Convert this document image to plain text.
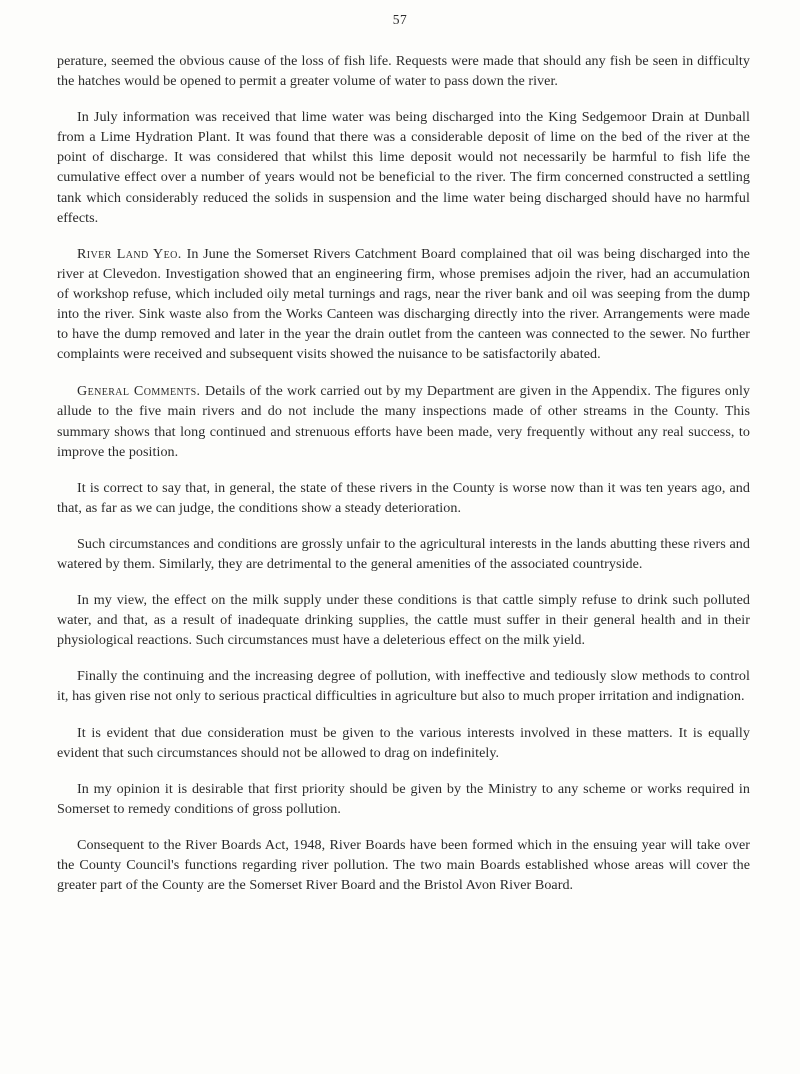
57

perature, seemed the obvious cause of the loss of fish life. Requests were made that should any fish be seen in difficulty the hatches would be opened to permit a greater volume of water to pass down the river.

In July information was received that lime water was being discharged into the King Sedgemoor Drain at Dunball from a Lime Hydration Plant. It was found that there was a considerable deposit of lime on the bed of the river at the point of discharge. It was considered that whilst this lime deposit would not necessarily be harmful to fish life the cumulative effect over a number of years would not be beneficial to the river. The firm concerned constructed a settling tank which considerably reduced the solids in suspension and the lime water being discharged should have no harmful effects.

River Land Yeo. In June the Somerset Rivers Catchment Board complained that oil was being discharged into the river at Clevedon. Investigation showed that an engineering firm, whose premises adjoin the river, had an accumulation of workshop refuse, which included oily metal turnings and rags, near the river bank and oil was seeping from the dump into the river. Sink waste also from the Works Canteen was discharging directly into the river. Arrangements were made to have the dump removed and later in the year the drain outlet from the canteen was connected to the sewer. No further complaints were received and subsequent visits showed the nuisance to be satisfactorily abated.

General Comments. Details of the work carried out by my Department are given in the Appendix. The figures only allude to the five main rivers and do not include the many inspections made of other streams in the County. This summary shows that long continued and strenuous efforts have been made, very frequently without any real success, to improve the position.

It is correct to say that, in general, the state of these rivers in the County is worse now than it was ten years ago, and that, as far as we can judge, the conditions show a steady deterioration.

Such circumstances and conditions are grossly unfair to the agricultural interests in the lands abutting these rivers and watered by them. Similarly, they are detrimental to the general amenities of the associated countryside.

In my view, the effect on the milk supply under these conditions is that cattle simply refuse to drink such polluted water, and that, as a result of inadequate drinking supplies, the cattle must suffer in their general health and in their physiological reactions. Such circumstances must have a deleterious effect on the milk yield.

Finally the continuing and the increasing degree of pollution, with ineffective and tediously slow methods to control it, has given rise not only to serious practical difficulties in agriculture but also to much proper irritation and indignation.

It is evident that due consideration must be given to the various interests involved in these matters. It is equally evident that such circumstances should not be allowed to drag on indefinitely.

In my opinion it is desirable that first priority should be given by the Ministry to any scheme or works required in Somerset to remedy conditions of gross pollution.

Consequent to the River Boards Act, 1948, River Boards have been formed which in the ensuing year will take over the County Council's functions regarding river pollution. The two main Boards established whose areas will cover the greater part of the County are the Somerset River Board and the Bristol Avon River Board.
